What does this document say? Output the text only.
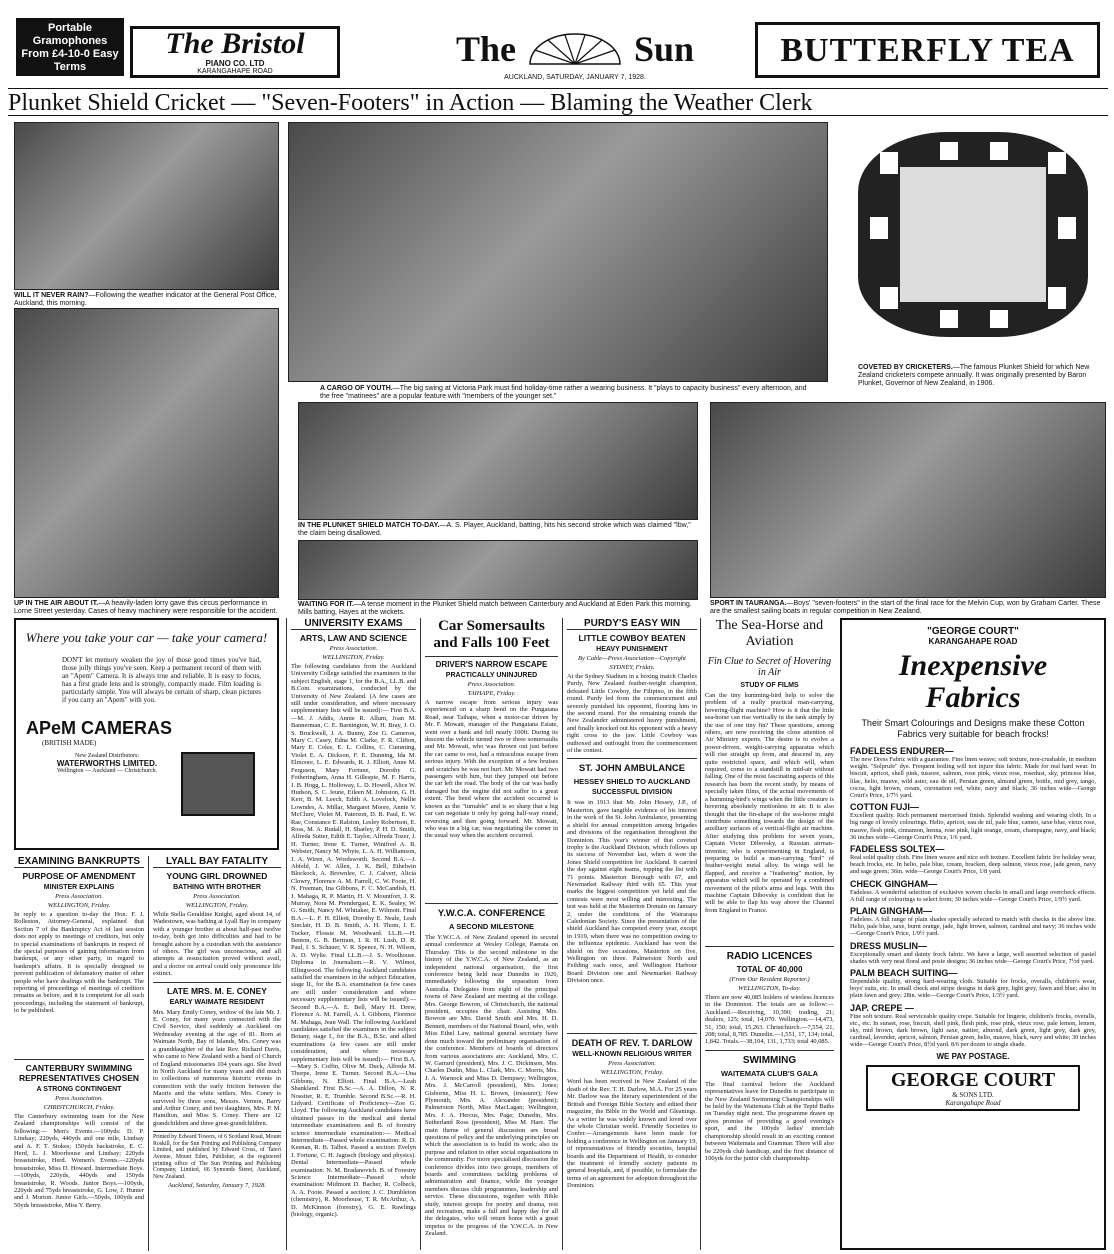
Portable Gramophones From £4-10-0 Easy Terms
The Bristol
PIANO CO. LTD
KARANGAHAPE ROAD
The	Sun
AUCKLAND, SATURDAY, JANUARY 7, 1928.
BUTTERFLY TEA
Plunket Shield Cricket — "Seven-Footers" in Action — Blaming the Weather Clerk
WILL IT NEVER RAIN?—Following the weather indicator at the General Post Office, Auckland, this morning.
A CARGO OF YOUTH.—The big swing at Victoria Park must find holiday-time rather a wearing business. It "plays to capacity business" every afternoon, and the free "matinees" are a popular feature with "members of the younger set."
COVETED BY CRICKETERS.—The famous Plunket Shield for which New Zealand cricketers compete annually. It was originally presented by Baron Plunket, Governor of New Zealand, in 1906.
UP IN THE AIR ABOUT IT.—A heavily-laden lorry gave this circus performance in Lorne Street yesterday. Cases of heavy machinery were responsible for the accident.
IN THE PLUNKET SHIELD MATCH TO-DAY.—A. S. Player, Auckland, batting, hits his second stroke which was claimed "lbw," the claim being disallowed.
WAITING FOR IT.—A tense moment in the Plunket Shield match between Canterbury and Auckland at Eden Park this morning. Mills batting, Hayes at the wickets.
SPORT IN TAURANGA.—Boys' "seven-footers" in the start of the final race for the Melvin Cup, won by Graham Carter. These are the smallest sailing boats in regular competition in New Zealand.
Where you take your car — take your camera!
DON'T let memory weaken the joy of those good times you've had, those jolly things you've seen. Keep a permanent record of them with an "Apem" Camera. It is always true and reliable. It is easy to focus, has a first grade lens and is strongly, compactly made. Film loading is particularly simple. You will always be certain of sharp, clean pictures if you carry an "Apem" with you.
APeM CAMERAS
(BRITISH MADE)
New Zealand Distributors:
WATERWORTHS LIMITED.
Wellington — Auckland — Christchurch.
EXAMINING BANKRUPTS
PURPOSE OF AMENDMENT
MINISTER EXPLAINS
Press Association.
WELLINGTON, Friday.
In reply to a question to-day the Hon. F. J. Rolleston, Attorney-General, explained that Section 7 of the Bankruptcy Act of last session does not apply to meetings of creditors, but only to special examinations of bankrupts in respect of the special purposes of gaining information from bankrupt, or any other party, in regard to bankrupt's affairs. It is specially designed to prevent publication of defamatory matter of other people who have dealings with the bankrupt. The reporting of proceedings of meetings of creditors remains as before, and it is competent for all such proceedings, including the statement of bankrupt, to be published.
CANTERBURY SWIMMING REPRESENTATIVES CHOSEN
A STRONG CONTINGENT
Press Association.
CHRISTCHURCH, Friday.
The Canterbury swimming team for the New Zealand championships will consist of the following:— Men's Events.—100yds: D. P. Lindsay; 220yds, 440yds and one mile, Lindsay and A. F. T. Stokes; 150yds backstroke, E. C. Herd, L. J. Moorhouse and Lindsay; 220yds breaststroke, Herd. Women's Events.—220yds breaststroke, Miss D. Howard. Intermediate Boys.—100yds, 220yds, 440yds and 150yds breaststroke, R. Woods. Junior Boys.—100yds, 220yds and 75yds breaststroke, G. Low, J. Hunter and J. Morton. Junior Girls.—50yds, 100yds and 50yds breaststroke, Miss Y. Berry.
LYALL BAY FATALITY
YOUNG GIRL DROWNED
BATHING WITH BROTHER
Press Association.
WELLINGTON, Friday.
While Stella Geraldine Knight, aged about 14, of Wadestown, was bathing at Lyall Bay in company with a younger brother at about half-past twelve to-day, both got into difficulties and had to be brought ashore by a custodian with the assistance of others. The girl was unconscious, and all attempts at resuscitation proved without avail, and a doctor on arrival could only pronounce life extinct.
LATE MRS. M. E. CONEY
EARLY WAIMATE RESIDENT
Mrs. Mary Emily Coney, widow of the late Mr. J. E. Coney, for many years connected with the Civil Service, died suddenly at Auckland on Wednesday evening at the age of 81. Born at Waimate North, Bay of Islands, Mrs. Coney was a granddaughter of the late Rev. Richard Davis, who came to New Zealand with a band of Church of England missionaries 104 years ago. She lived in North Auckland for many years and did much to collections of numerous historic events in connection with the early friction between the Maoris and the white settlers. Mrs. Coney is survived by three sons, Messrs. Vernon, Barry and Arthur Coney, and two daughters, Mrs. P. M. Hamilton, and Miss S. Coney. There are 12 grandchildren and three great-grandchildren.
Printed by Edward Towers, of 6 Scotland Road, Mount Roskill, for the Sun Printing and Publishing Company Limited, and published by Edward Cross, of Taieri Avenue, Mount Eden, Publisher, at the registered printing office of The Sun Printing and Publishing Company, Limited, 66 Symonds Street, Auckland, New Zealand.
Auckland, Saturday, January 7, 1928.
UNIVERSITY EXAMS
ARTS, LAW AND SCIENCE
Press Association.
WELLINGTON, Friday.
The following candidates from the Auckland University College satisfied the examiners in the subject English, stage 1, for the B.A., LL.B. and B.Com. examinations, conducted by the University of New Zealand. (A few cases are still under consideration, and where necessary supplementary lists will be issued):— First B.A.—M. J. Addis, Annie R. Allum, Joan M. Bannerman, C. E. Barnington, W. H. Bray, J. O. S. Bruckwell, J. A. Bunny, Zoe G. Cameron, Mary C. Casey, Edna M. Clarke, F. R. Clifton, Mary E. Coles, E. L. Collins, C. Cumming, Violet E. A. Dickson, F. E. Dunning, Ida M. Elmoore, L. E. Edwards, R. J. Elliott, Anne M. Ferguson, Mary Fortune, Dorothy G. Fotheringham, Anna H. Gillespie, M. F. Harris, J. B. Hogg, L. Holloway, L. D. Howell, Alice W. Hudson, S. C. Jeune, Eileen M. Johnston, G. H. Kerr, B. M. Leech, Edith A. Lovelock, Nellie Lowndes, A. Millar, Margaret Moore, Annie V. McClure, Violet M. Paterson, D. B. Paul, E. W. Rae, Constance E. Ralston, Lesley Robertson, E. Ross, M. A. Rudall, H. Sharley, P. H. D. Smith, Alfreda Sutter, Edith E. Taylor, Alfreda Tozer, J. H. Turner, Irene E. Turner, Winifred A. B. Webster, Nancy M. Whyte, L. A. H. Williamson, J. A. Wiren, A. Wordsworth. Second B.A.—J. Abfeld, J. W. Allen, J. K. Bell, Ethelwin Blockock, A. Brownlee, C. J. Calvert, Alicia Clowry, Florence A. M. Farrell, C. W. Foote, H. N. Freeman, Ina Gibbons, F. C. McCandish, H. J. Mahaga, R. P. Martin, H. V. Mountfort, J. R. Murray, Nora M. Prendergast, E. K. Sealey, W. G. Smith, Nancy M. Whitaker, E. Wilmott. Final B.A.—L. F. H. Elliott, Dorothy E. Neale, Leah Sinclair, H. D. B. Smith, A. H. Thom, I. E. Tucker, Flossie M. Woodward. LL.B.—H. Benton, G. B. Bertram, I. R. H. Lush, D. R. Paul, I. S. Schauer, V. R. Spence, N. H. Wilson, A. D. Wylie. Final LL.B.—J. S. Woolhouse. Diploma in Journalism.—R. V. Wilmot, Ellingwood. The following Auckland candidates satisfied the examiners in the subject Education, stage II., for the B.A. examination (a few cases are still under consideration and where necessary supplementary lists will be issued):— Second B.A.—A. E. Bell, Mary H. Drew, Florence A. M. Farrell, A. I. Gibbons, Florence M. Mahaga, Jean Wall. The following Auckland candidates satisfied the examiners in the subject Botany, stage I., for the B.A., B.Sc. and allied examinations (a few cases are still under consideration, and where necessary supplementary lists will be issued):— First B.A.—Mary S. Coffin, Olive M. Duck, Alfreda M. Thorpe, Irene E. Turner. Second B.A.—Una Gibbons, N. Elliott. Final B.A.—Leah Shankland. First B.Sc.—A. A. Dillon, N. R. Nossiter, R. E. Trumble. Second B.Sc.—R. H. Lidyard. Certificate of Proficiency—Zoe G. Lloyd. The following Auckland candidates have obtained passes in the medical and dental intermediate examinations and B. of forestry science intermediate examination:— Medical Intermediate—Passed whole examination: R. D. Keenan, R. B. Talbot. Passed a section: Evelyn J. Fortune, C. H. Jagusch (biology and physics). Dental Intermediate—Passed whole examination: N. M. Bradanovich. B. of Forestry Science Intermediate—Passed whole examination: Midmont D. Bacher, R. Colbeck, A. A. Foote. Passed a section: J. C. Dumbleton (chemistry), R. Moorhouse, T. R. McArthur, A. D. McKinnon (forestry), G. E. Rawlings (biology, organic).
Car Somersaults and Falls 100 Feet
DRIVER'S NARROW ESCAPE
PRACTICALLY UNINJURED
Press Association.
TAIHAPE, Friday.
A narrow escape from serious injury was experienced on a sharp bend on the Pungatana Road, near Taihape, when a motor-car driven by Mr. F. Mowatt, manager of the Pungatana Estate, went over a bank and fell nearly 100ft. During its descent the vehicle turned two or three somersaults and Mr. Mowatt, who was thrown out just before the car came to rest, had a miraculous escape from serious injury. With the exception of a few bruises and scratches he was not hurt. Mr. Mowatt had two passengers with him, but they jumped out before the car left the road. The body of the car was badly damaged but the engine did not suffer to a great extent. The bend where the accident occurred is known as the "turnable" and is so sharp that a big car can negotiate it only by going half-way round, reversing and then going forward. Mr. Mowatt, who was in a big car, was negotiating the corner in the usual way when the accident occurred.
Y.W.C.A. CONFERENCE
A SECOND MILESTONE
The Y.W.C.A. of New Zealand opened its second annual conference at Wesley College, Paerata on Thursday. This is the second milestone in the history of the Y.W.C.A. of New Zealand, as an independent national organisation, the first conference being held near Dunedin in 1926, immediately following the separation from Australia. Delegates from eight of the principal towns of New Zealand are meeting at the college. Mrs. George Bowron, of Christchurch, the national president, occupies the chair. Assisting Mrs. Bowron are Mrs. David Smith and Mrs. H. D. Bennett, members of the National Board, who, with Miss Ethel Law, national general secretary have done much toward the preliminary organisation of the conference. Members of boards of directors from various associations are: Auckland, Mrs. C. W. Garrard (president), Mrs. J. C. Dickinson, Mrs. Charles Dudin, Miss L. Clark, Mrs. C. Morris, Mrs. J. A. Warnock and Miss D. Dempsey; Wellington, Mrs. J. McCarroll (president), Mrs. Jones; Gisborne, Miss H. L. Brown, (treasurer); New Plymouth, Mrs. A. Alexander (president); Palmerston North, Miss MacLagan; Wellington, Mrs. J. A. Hercus, Mrs. Page; Dunedin, Mrs. Sutherland Ross (president), Miss M. Hare. The main theme of general discussion are broad questions of policy and the underlying principles on which the association is to build its work; also its purpose and relation to other social organisations in the community. For more specialised discussion the conference divides into two groups, members of boards and committees tackling problems of administration and finance, while the younger members discuss club programmes, leadership and service. These discussions, together with Bible study, interest groups for poetry and drama, rest and recreation, make a full and happy day for all the delegates, who will return home with a great impetus to the progress of the Y.W.C.A. in New Zealand.
PURDY'S EASY WIN
LITTLE COWBOY BEATEN
HEAVY PUNISHMENT
By Cable—Press Association—Copyright
SYDNEY, Friday.
At the Sydney Stadium in a boxing match Charles Purdy, New Zealand feather-weight champion, defeated Little Cowboy, the Filipino, in the fifth round. Purdy led from the commencement and severely punished his opponent, flooring him in the second round. For the remaining rounds the New Zealander administered heavy punishment, and finally knocked out his opponent with a heavy right cross to the jaw. Little Cowboy was outboxed and outfought from the commencement of the contest.
ST. JOHN AMBULANCE
HESSEY SHIELD TO AUCKLAND
SUCCESSFUL DIVISION
It was in 1913 that Mr. John Hessey, J.P., of Masterton, gave tangible evidence of his interest in the work of the St. John Ambulance, presenting a shield for annual competition among brigades and divisions of the organisation throughout the Dominion. This year's winner of that coveted trophy is the Auckland Division, which follows up its success of November last, when it won the Jones Shield competition for Auckland. It carried the day against eight teams, topping the list with 71 points. Masterton Borough with 67, and Newmarket Railway third with 65. This year marks the biggest competition yet held and the contests were most willing and interesting. The test was held at the Masterton Domain on January 2, under the conditions of the Wairarapa Caledonian Society. Since the presentation of the shield Auckland has competed every year, except in 1919, when there was no competition owing to the influenza epidemic. Auckland has won the shield on five occasions, Masterton on five, Wellington on three. Palmerston North and Feilding each once, and Wellington Harbour Board Division one and Newmarket Railway Division once.
DEATH OF REV. T. DARLOW
WELL-KNOWN RELIGIOUS WRITER
Press Association.
WELLINGTON, Friday.
Word has been received in New Zealand of the death of the Rev. T. H. Darlow, M.A. For 25 years Mr. Darlow was the literary superintendent of the British and Foreign Bible Society and edited their magazine, the Bible in the World and Gleanings. As a writer he was widely known and loved over the whole Christian world. Friendly Societies to Confer.—Arrangements have been made for holding a conference in Wellington on January 19, of representatives of friendly societies, hospital boards and the Department of Health, to consider the treatment of friendly society patients in general hospitals, and, if possible, to formulate the terms of an agreement for adoption throughout the Dominion.
The Sea-Horse and Aviation
Fin Clue to Secret of Hovering in Air
STUDY OF FILMS
Can the tiny humming-bird help to solve the problem of a really practical man-carrying, hovering-flight machine? How is it that the little sea-horse can rise vertically in the tank simply by the use of one tiny fin? These questions, among others, are now receiving the close attention of Air Ministry experts. The desire is to evolve a power-driven, weight-carrying apparatus which will rise straight up from, and descend in, any quite restricted space, and which will, when required, come to a standstill in mid-air without falling. One of the most fascinating aspects of this research has been the recent study, by means of specially taken films, of the actual movements of a humming-bird's wings when the little creature is hovering absolutely motionless in air. It is also thought that the fin-shape of the sea-horse might contribute something towards the design of the auxiliary surfaces of a vertical-flight air machine. After studying this problem for seven years, Captain Victor Dibovsky, a Russian airman-inventor, who is experimenting in England, is preparing to build a man-carrying "bird" of feather-weight metal alloy. Its wings will be flapped, and receive a "feathering" motion, by apparatus which will be operated by a combined movement of the pilot's arms and legs. With this machine Captain Dibovsky is confident that he will be able to flap his way above the Channel from England to France.
RADIO LICENCES
TOTAL OF 40,000
(From Our Resident Reporter.)
WELLINGTON, To-day.
There are now 40,085 holders of wireless licences in the Dominion. The totals are as follow:— Auckland.—Receiving, 10,390; trading, 21; dealers, 125; total, 14,070. Wellington.—14,473, 51, 150; total, 15,263. Christchurch.—7,554, 21, 208; total, 8,785. Dunedin.—1,551, 17, 134; total, 1,842. Totals.—38,104, 131, 1,733; total 40,085.
SWIMMING
WAITEMATA CLUB'S GALA
The final carnival before the Auckland representatives leave for Dunedin to participate in the New Zealand Swimming Championships will be held by the Waitemata Club at the Tepid Baths on Tuesday night next. The programme drawn up gives promise of providing a good evening's sport, and the 100yds ladies' interclub championship should result in an exciting contest between Waitemata and Grammar. There will also be 220yds club handicap, and the first distance of 100yds for the junior club championship.
"GEORGE COURT"
KARANGAHAPE ROAD
Inexpensive
Fabrics
Their Smart Colourings and Designs make these Cotton Fabrics very suitable for beach frocks!
FADELESS ENDURER—
The new Dress Fabric with a guarantee. Fine linen weave; soft texture, non-crushable, in medium weight. "Solprufe" dye. Frequent boiling will not injure this fabric. Made for real hard wear. In biscuit, apricot, shell pink, tussore, salmon, rose pink, vieux rose, rosedust, sky, princess blue, lilac, helio, mauve, wild aster, eau de nil, Persian green, almond green, bottle, mid grey, tango, cocoa, light brown, cream, coronation red, white, navy and black; 36 inches wide—George Court's Price, 1/7½ yard.
COTTON FUJI—
Excellent quality. Rich permanent mercerised finish. Splendid washing and wearing cloth. In a big range of lovely colourings. Helio, apricot, eau de nil, pale blue, cameo, saxe blue, vieux rose, mauve, flesh pink, cinnamon, henna, rose pink, light orange, cream, champagne, navy, and black; 36 inches wide—George Court's Price, 1/6 yard.
FADELESS SOLTEX—
Real solid quality cloth. Fine linen weave and nice soft texture. Excellent fabric for holiday wear, beach frocks, etc. In helio, pale blue, cream, bracken, deep salmon, vieux rose, jade green, navy and sage green; 36in. wide—George Court's Price, 1/8 yard.
CHECK GINGHAM—
Fadeless. A wonderful selection of exclusive woven checks in small and large overcheck effects. A full range of colourings to select from; 30 inches wide—George Court's Price, 1/9½ yard.
PLAIN GINGHAM—
Fadeless. A full range of plain shades specially selected to match with checks in the above line. Helio, pale blue, saxe, burnt orange, jade, light brown, salmon, cardinal and navy; 36 inches wide—George Court's Price, 1/9½ yard.
DRESS MUSLIN—
Exceptionally smart and dainty frock fabric. We have a large, well assorted selection of pastel shades with very neat floral and posie designs; 36 inches wide—George Court's Price, 7½d yard.
PALM BEACH SUITING—
Dependable quality, strong hard-wearing cloth. Suitable for frocks, overalls, children's wear, boys' suits, etc. In small check and stripe designs in dark grey, light grey, fawn and blue; also in plain fawn and grey; 28in. wide—George Court's Price, 1/3½ yard.
JAP. CREPE —
Fine soft texture. Real serviceable quality crepe. Suitable for lingerie, children's frocks, overalls, etc., etc. In sunset, rose, biscuit, shell pink, flesh pink, rose pink, vieux rose, pale lemon, lemon, sky, mid brown, dark brown, light saxe, nattier, almond, dark green, light grey, dark grey, cardinal, lavender, apricot, salmon, Persian green, helio, mauve, black, navy and white; 30 inches wide—George Court's Price, 8½d yard. 8/6 per dozen to single shade.
WE PAY POSTAGE.
GEORGE COURT
& SONS LTD.
Karangahape Road
